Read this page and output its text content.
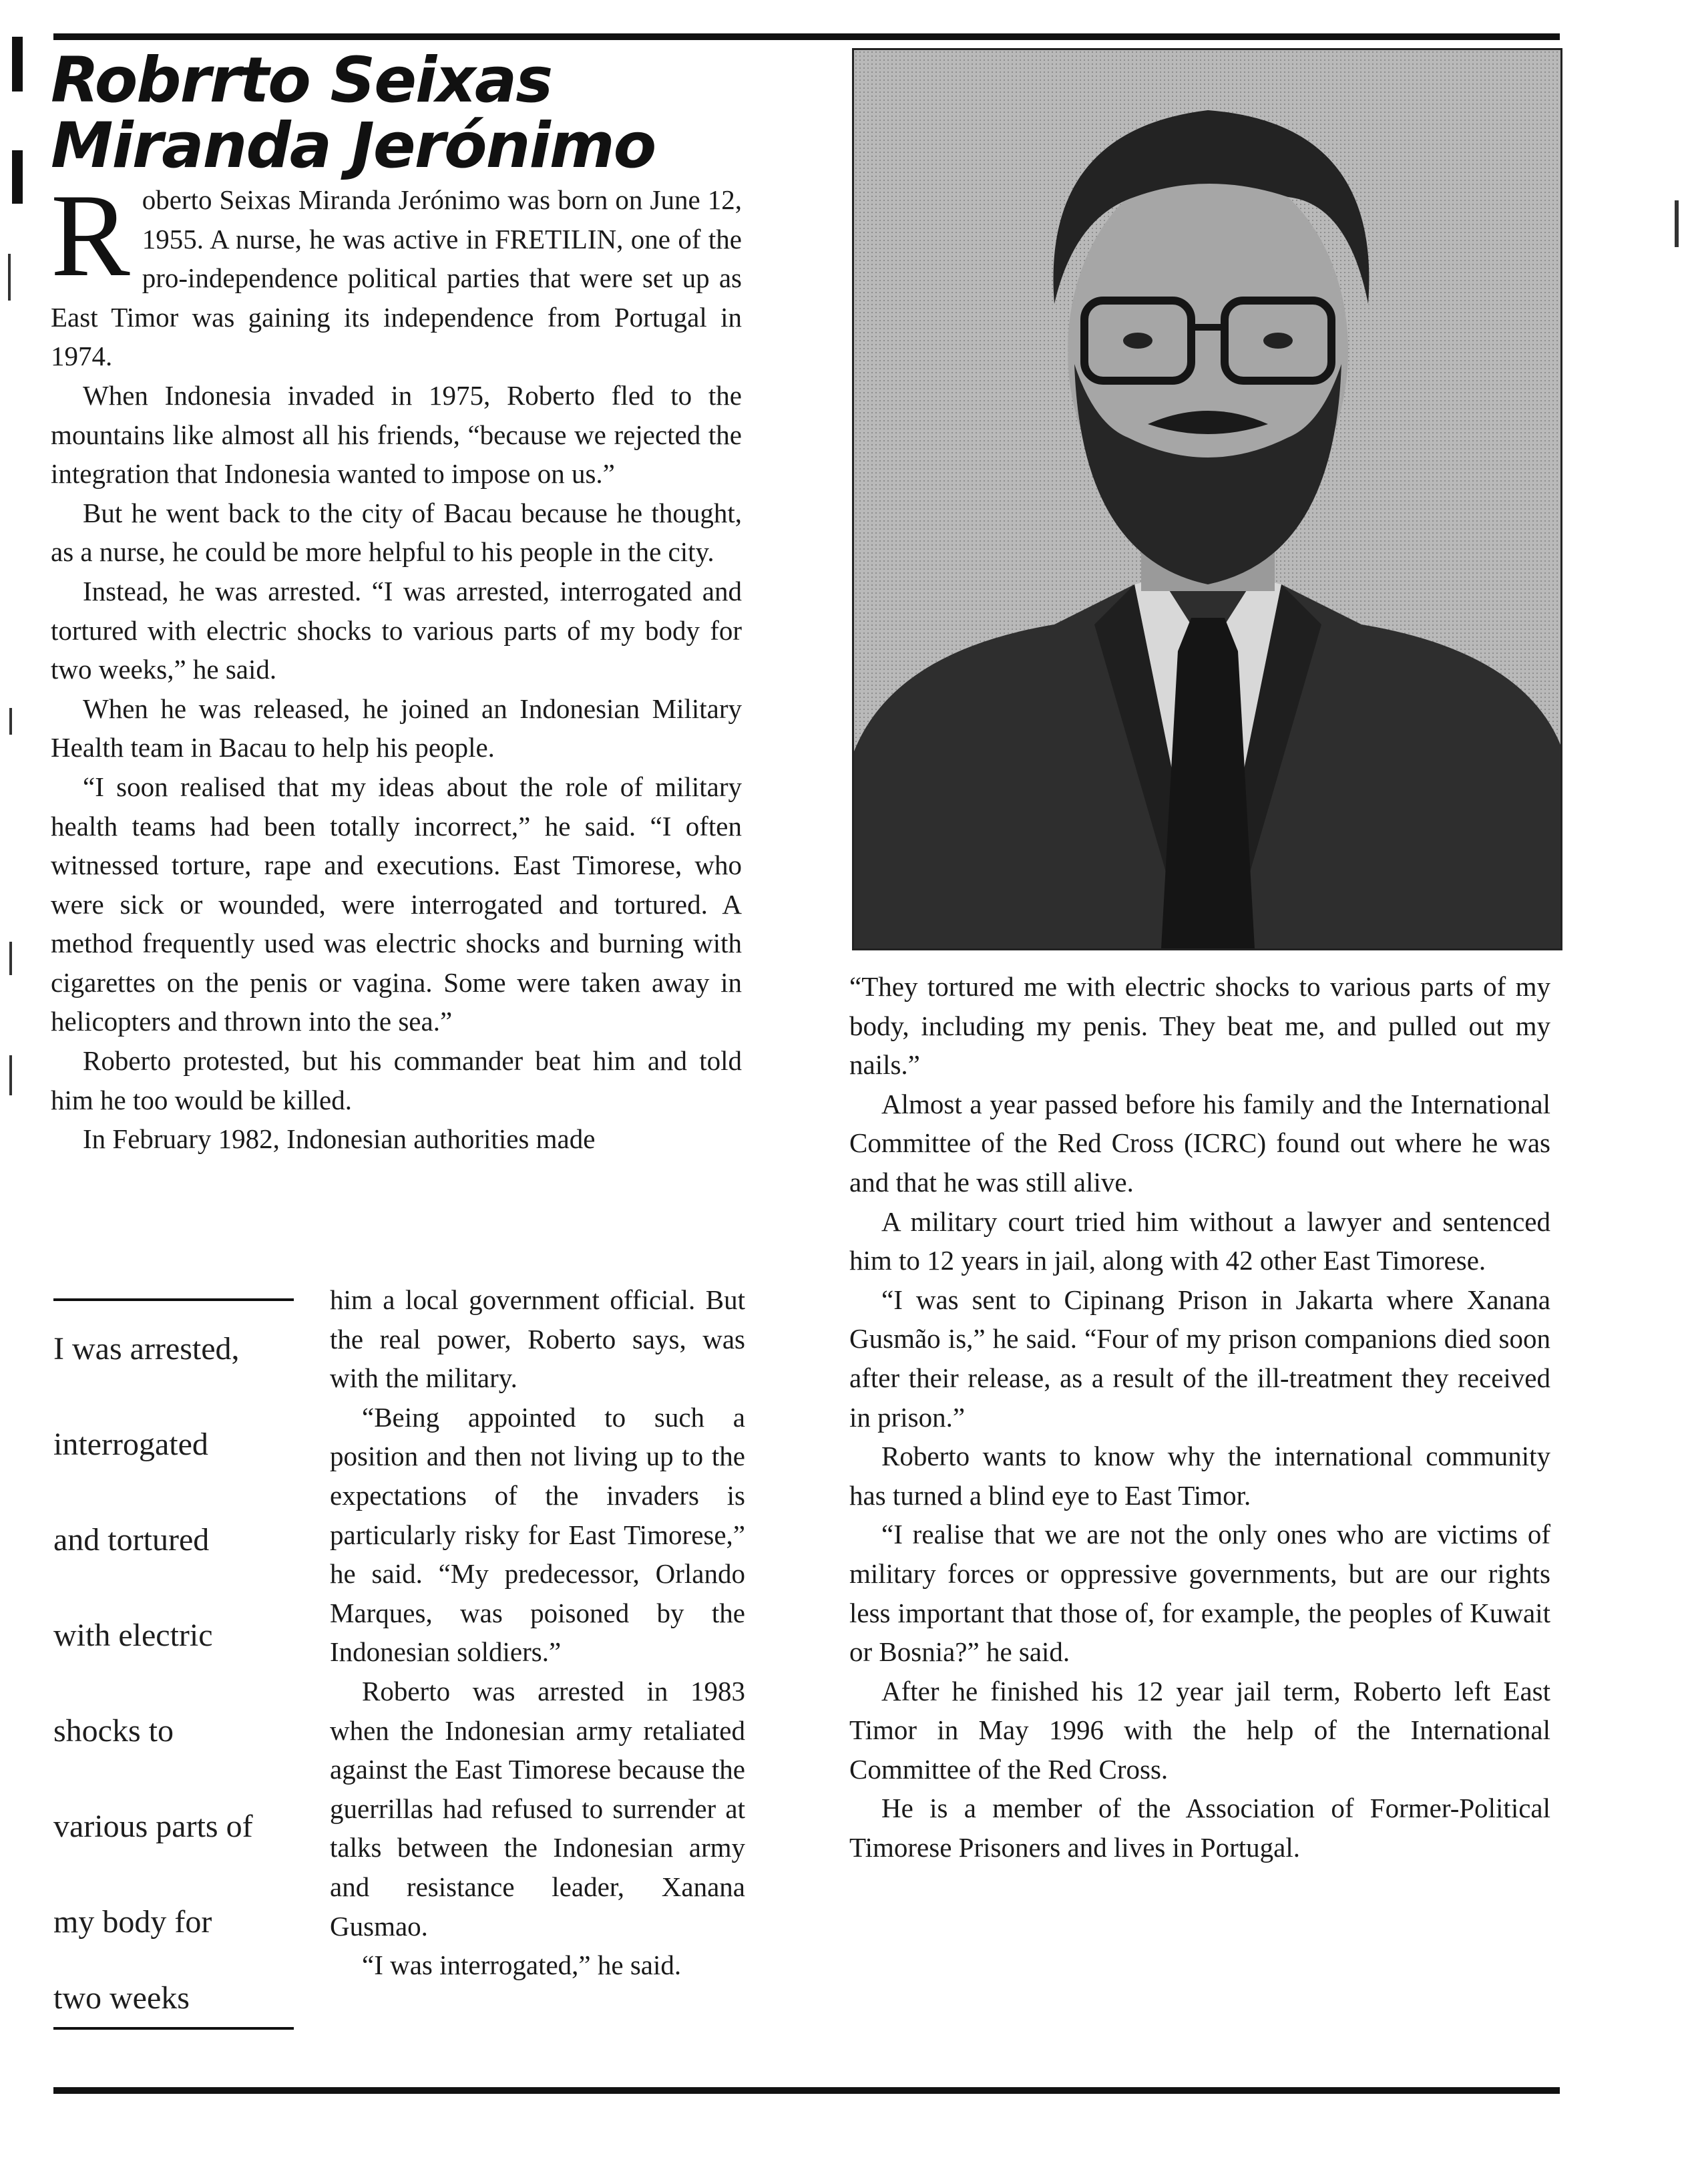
Robrrto Seixas
Miranda Jerónimo

Roberto Seixas Miranda Jerónimo was born on June 12, 1955. A nurse, he was active in FRETILIN, one of the pro-independence political parties that were set up as East Timor was gaining its independence from Portugal in 1974.

When Indonesia invaded in 1975, Roberto fled to the mountains like almost all his friends, “because we rejected the integration that Indonesia wanted to impose on us.”

But he went back to the city of Bacau because he thought, as a nurse, he could be more helpful to his people in the city.

Instead, he was arrested. “I was arrested, interrogated and tortured with electric shocks to various parts of my body for two weeks,” he said.

When he was released, he joined an Indonesian Military Health team in Bacau to help his people.

“I soon realised that my ideas about the role of military health teams had been totally incorrect,” he said. “I often witnessed torture, rape and executions. East Timorese, who were sick or wounded, were interrogated and tortured. A method frequently used was electric shocks and burning with cigarettes on the penis or vagina. Some were taken away in helicopters and thrown into the sea.”

Roberto protested, but his commander beat him and told him he too would be killed.

In February 1982, Indonesian authorities made

I was arrested,
interrogated
and tortured
with electric
shocks to
various parts of
my body for
two weeks

him a local government official. But the real power, Roberto says, was with the military.

“Being appointed to such a position and then not living up to the expectations of the invaders is particularly risky for East Timorese,” he said. “My predecessor, Orlando Marques, was poisoned by the Indonesian soldiers.”

Roberto was arrested in 1983 when the Indonesian army retaliated against the East Timorese because the guerrillas had refused to surrender at talks between the Indonesian army and resistance leader, Xanana Gusmao.

“I was interrogated,” he said.

“They tortured me with electric shocks to various parts of my body, including my penis. They beat me, and pulled out my nails.”

Almost a year passed before his family and the International Committee of the Red Cross (ICRC) found out where he was and that he was still alive.

A military court tried him without a lawyer and sentenced him to 12 years in jail, along with 42 other East Timorese.

“I was sent to Cipinang Prison in Jakarta where Xanana Gusmão is,” he said. “Four of my prison companions died soon after their release, as a result of the ill-treatment they received in prison.”

Roberto wants to know why the international community has turned a blind eye to East Timor.

“I realise that we are not the only ones who are victims of military forces or oppressive governments, but are our rights less important that those of, for example, the peoples of Kuwait or Bosnia?” he said.

After he finished his 12 year jail term, Roberto left East Timor in May 1996 with the help of the International Committee of the Red Cross.

He is a member of the Association of Former-Political Timorese Prisoners and lives in Portugal.
